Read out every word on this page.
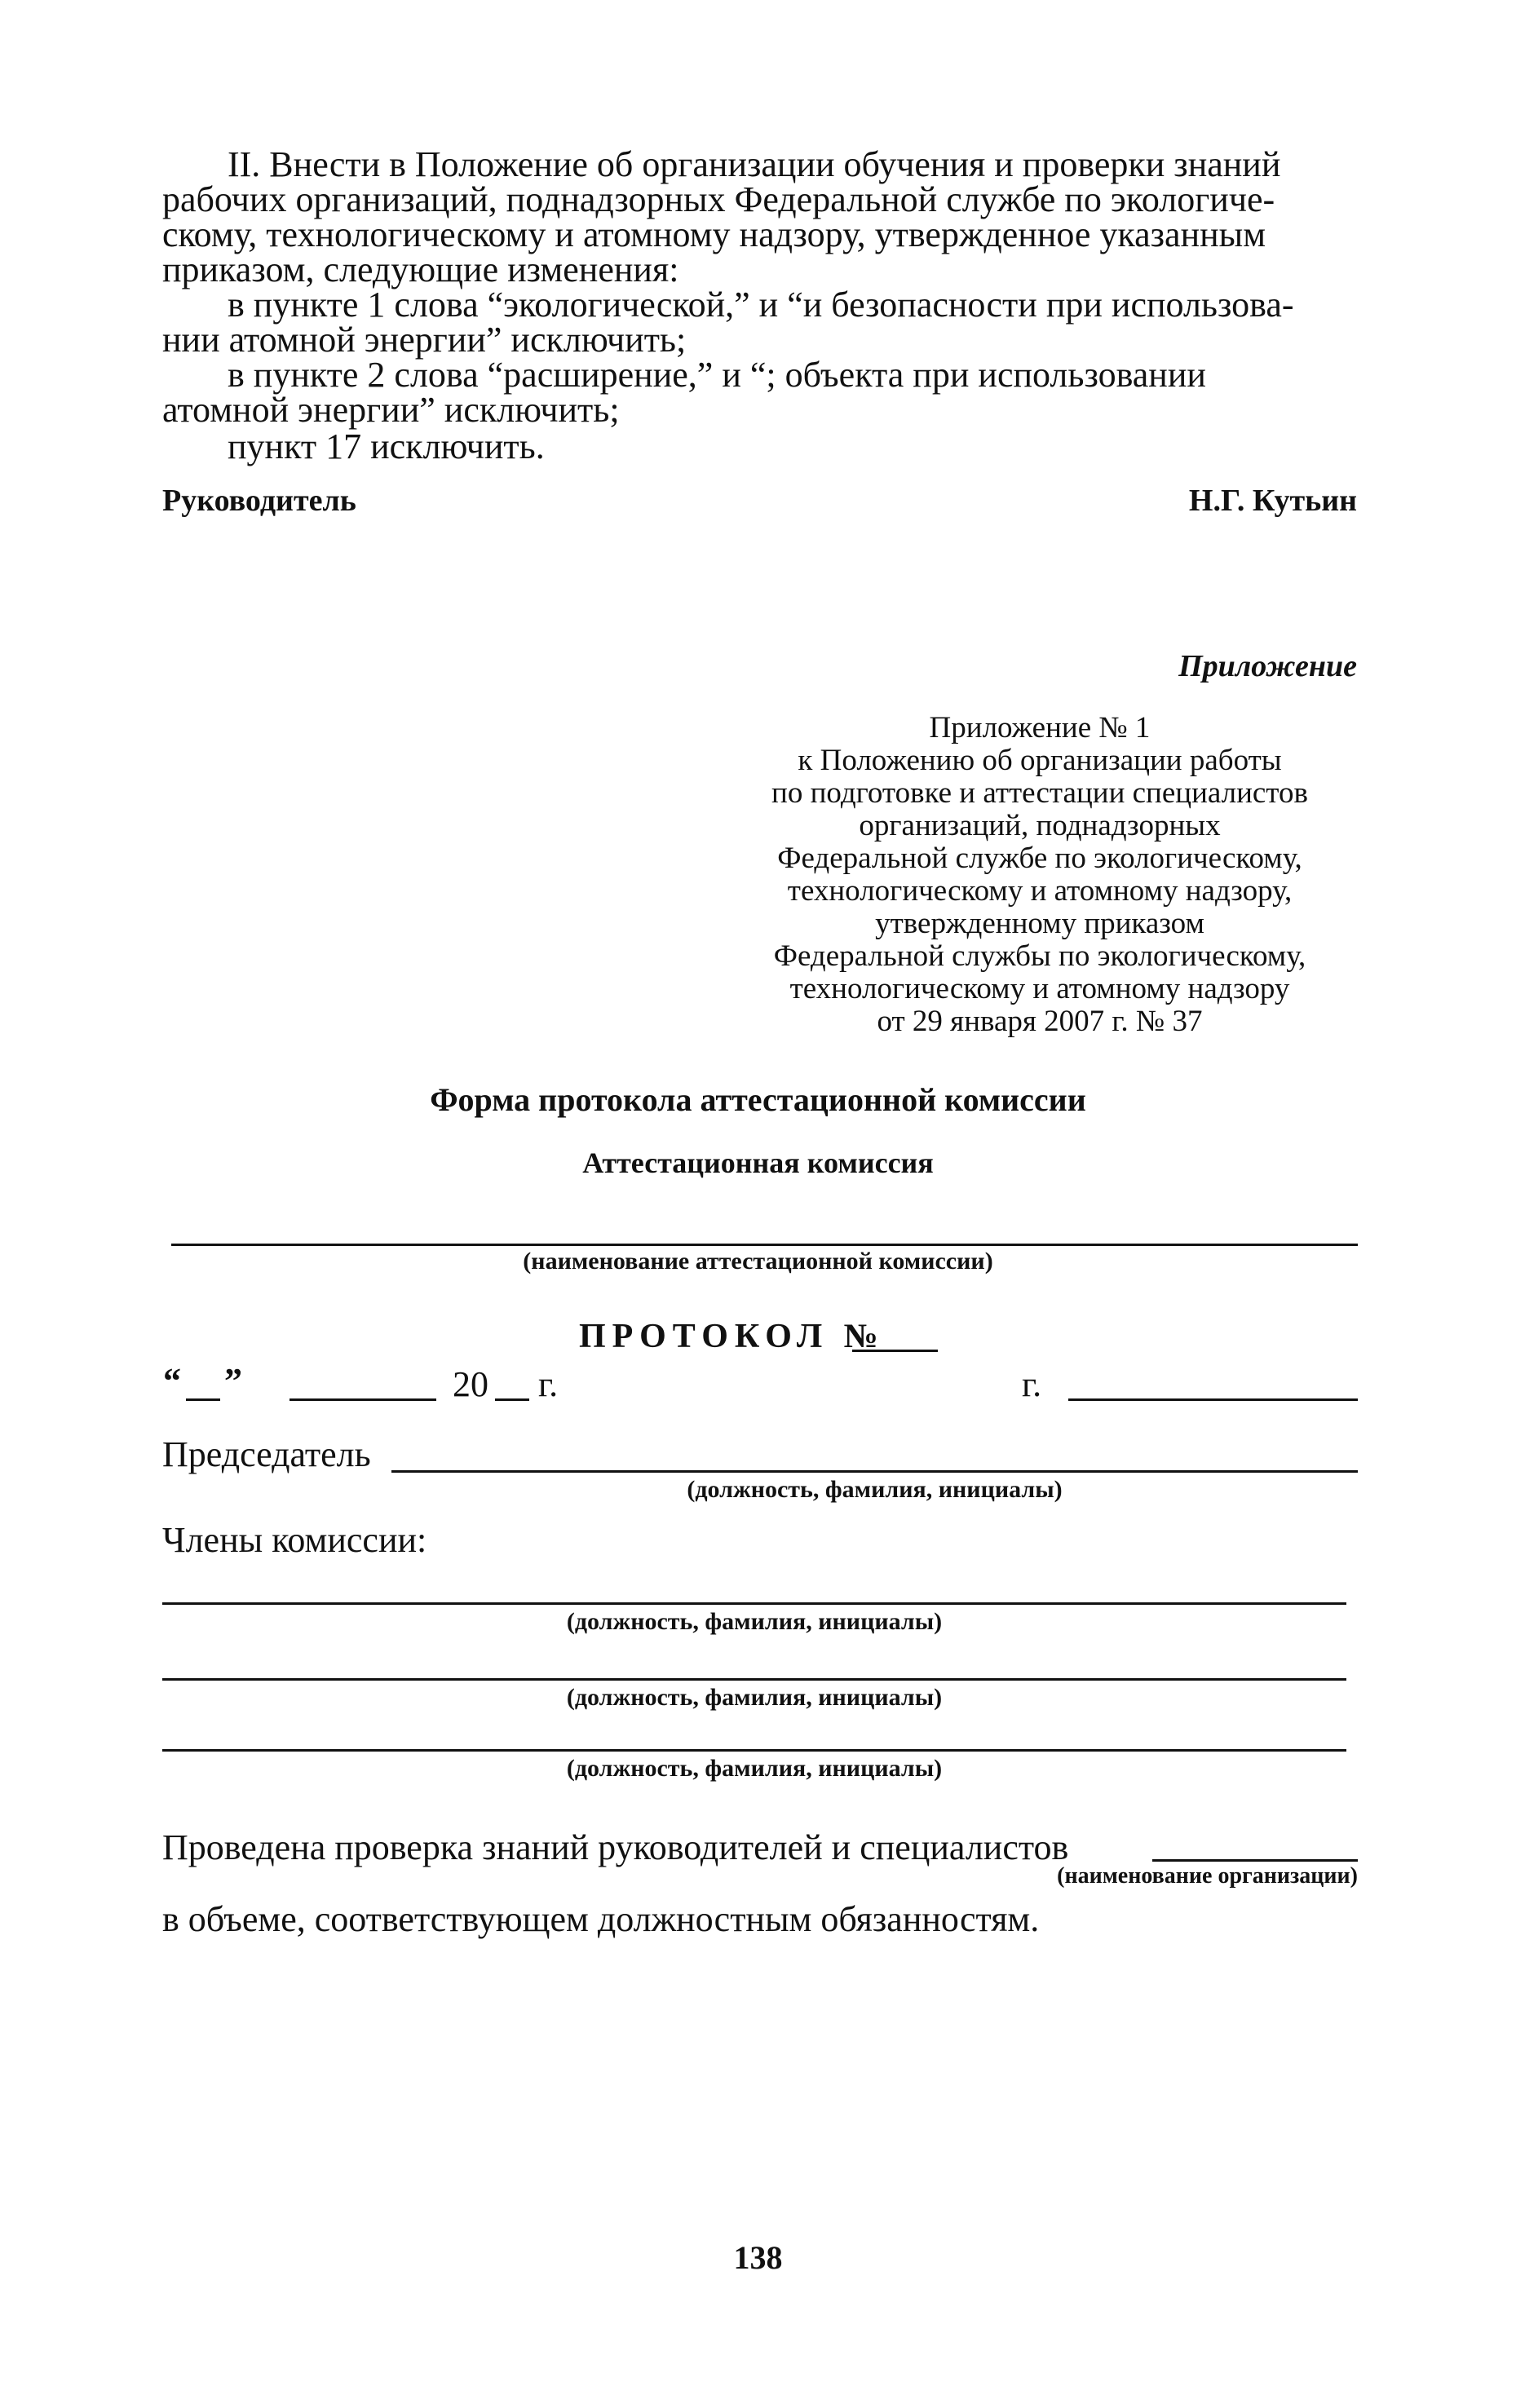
II. Внести в Положение об организации обучения и проверки знаний
рабочих организаций, поднадзорных Федеральной службе по экологиче-
скому, технологическому и атомному надзору, утвержденное указанным
приказом, следующие изменения:
в пункте 1 слова “экологической,” и “и безопасности при использова-
нии атомной энергии” исключить;
в пункте 2 слова “расширение,” и “; объекта при использовании
атомной энергии” исключить;
пункт 17 исключить.
Руководитель	Н.Г. Кутьин
Приложение
Приложение № 1
к Положению об организации работы
по подготовке и аттестации специалистов
организаций, поднадзорных
Федеральной службе по экологическому,
технологическому и атомному надзору,
утвержденному приказом
Федеральной службы по экологическому,
технологическому и атомному надзору
от 29 января 2007 г. № 37
Форма протокола аттестационной комиссии
Аттестационная комиссия
(наименование аттестационной комиссии)
ПРОТОКОЛ №
“ ”	20 г.	г.
Председатель
(должность, фамилия, инициалы)
Члены комиссии:
(должность, фамилия, инициалы)
(должность, фамилия, инициалы)
(должность, фамилия, инициалы)
Проведена проверка знаний руководителей и специалистов
(наименование организации)
в объеме, соответствующем должностным обязанностям.
138
